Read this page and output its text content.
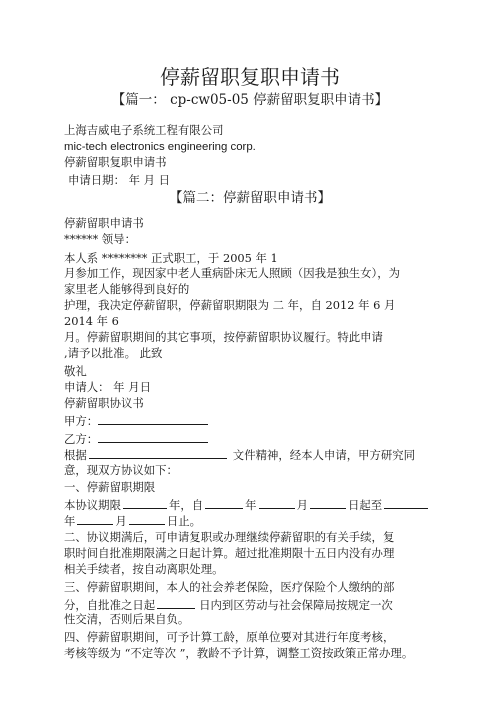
停薪留职复职申请书
【篇一： cp-cw05-05 停薪留职复职申请书】
上海吉威电子系统工程有限公司
mic-tech electronics engineering corp.
停薪留职复职申请书
申请日期： 年 月 日
【篇二：停薪留职申请书】
停薪留职申请书
****** 领导：
本人系 ******** 正式职工，于 2005 年 1
月参加工作，现因家中老人重病卧床无人照顾（因我是独生女），为
家里老人能够得到良好的
护理，我决定停薪留职，停薪留职期限为 二 年，自 2012 年 6 月
2014 年 6
月。停薪留职期间的其它事项，按停薪留职协议履行。特此申请
,请予以批准。 此致
敬礼
申请人： 年 月日
停薪留职协议书
甲方：
乙方：
根据	文件精神，经本人申请，甲方研究同
意，现双方协议如下：
一、停薪留职期限
本协议期限	年，自	年	月	日起至
年	月	日止。
二、协议期满后，可申请复职或办理继续停薪留职的有关手续，复
职时间自批准期限满之日起计算。超过批准期限十五日内没有办理
相关手续者，按自动离职处理。
三、停薪留职期间，本人的社会养老保险，医疗保险个人缴纳的部
分，自批准之日起	日内到区劳动与社会保障局按规定一次
性交清，否则后果自负。
四、停薪留职期间，可予计算工龄，原单位要对其进行年度考核，
考核等级为 “不定等次 ”，教龄不予计算，调整工资按政策正常办理。
